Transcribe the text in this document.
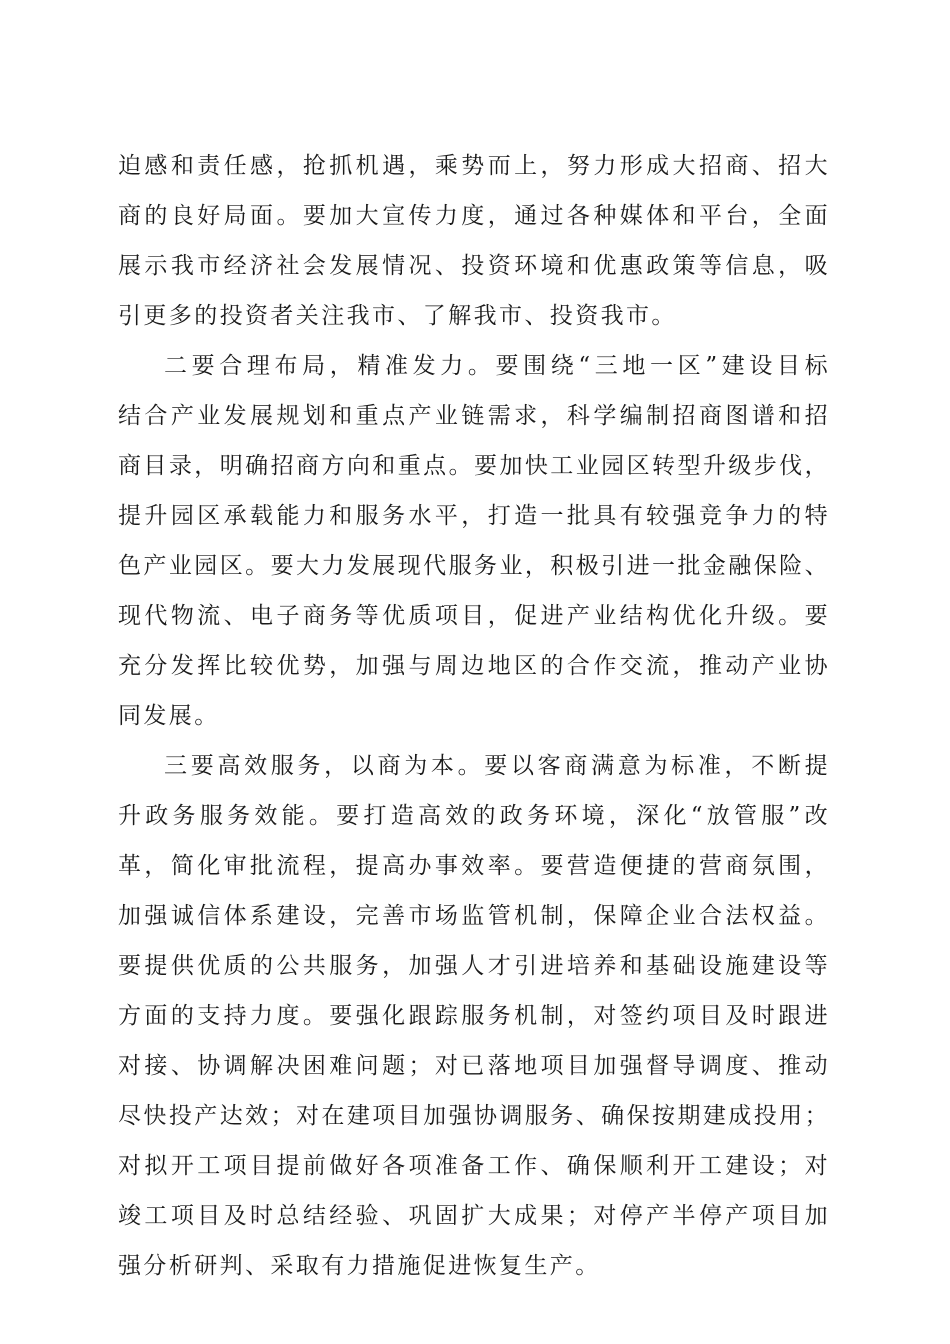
迫感和责任感，抢抓机遇，乘势而上，努力形成大招商、招大
商的良好局面。要加大宣传力度，通过各种媒体和平台，全面
展示我市经济社会发展情况、投资环境和优惠政策等信息，吸
引更多的投资者关注我市、了解我市、投资我市。
二要合理布局，精准发力。要围绕“三地一区”建设目标
结合产业发展规划和重点产业链需求，科学编制招商图谱和招
商目录，明确招商方向和重点。要加快工业园区转型升级步伐，
提升园区承载能力和服务水平，打造一批具有较强竞争力的特
色产业园区。要大力发展现代服务业，积极引进一批金融保险、
现代物流、电子商务等优质项目，促进产业结构优化升级。要
充分发挥比较优势，加强与周边地区的合作交流，推动产业协
同发展。
三要高效服务，以商为本。要以客商满意为标准，不断提
升政务服务效能。要打造高效的政务环境，深化“放管服”改
革，简化审批流程，提高办事效率。要营造便捷的营商氛围，
加强诚信体系建设，完善市场监管机制，保障企业合法权益。
要提供优质的公共服务，加强人才引进培养和基础设施建设等
方面的支持力度。要强化跟踪服务机制，对签约项目及时跟进
对接、协调解决困难问题；对已落地项目加强督导调度、推动
尽快投产达效；对在建项目加强协调服务、确保按期建成投用；
对拟开工项目提前做好各项准备工作、确保顺利开工建设；对
竣工项目及时总结经验、巩固扩大成果；对停产半停产项目加
强分析研判、采取有力措施促进恢复生产。
